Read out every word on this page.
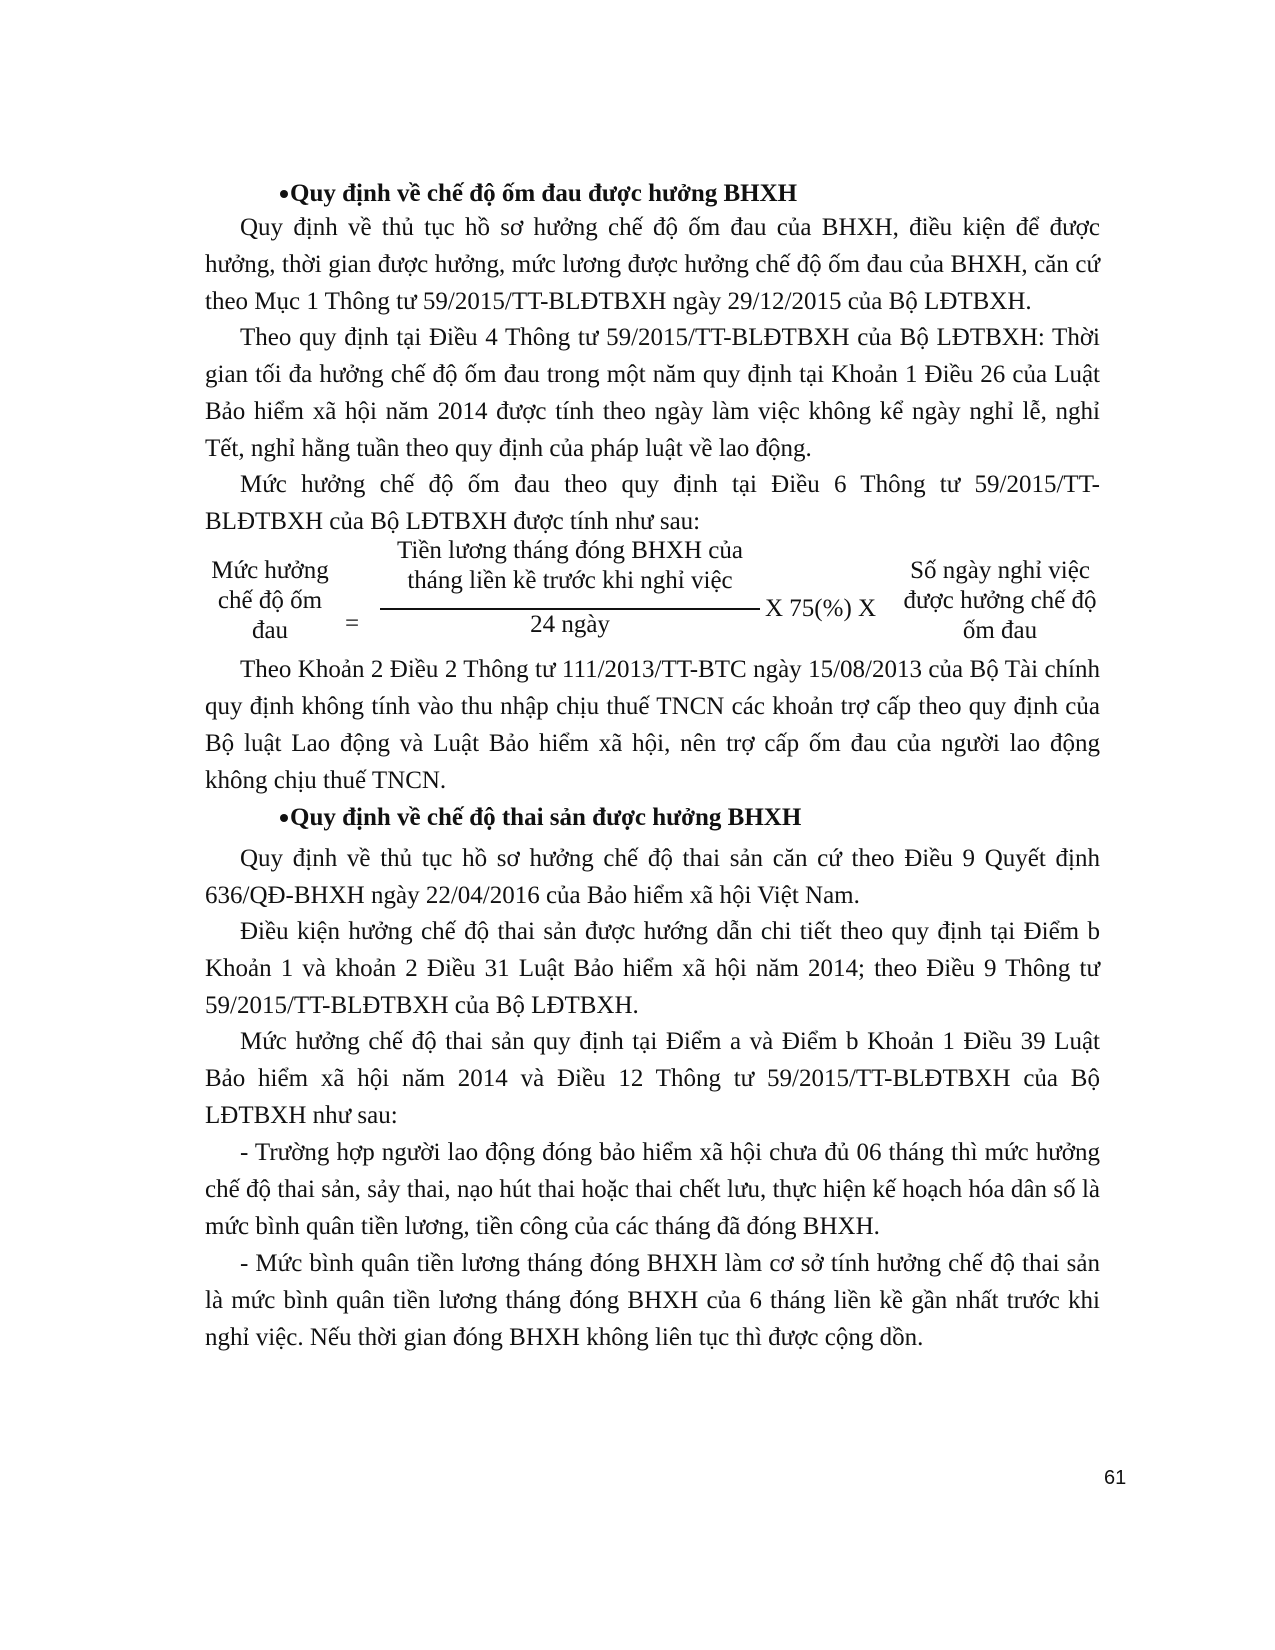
Quy định về chế độ ốm đau được hưởng BHXH

Quy định về thủ tục hồ sơ hưởng chế độ ốm đau của BHXH, điều kiện để được hưởng, thời gian được hưởng, mức lương được hưởng chế độ ốm đau của BHXH, căn cứ theo Mục 1 Thông tư 59/2015/TT-BLĐTBXH ngày 29/12/2015 của Bộ LĐTBXH.

Theo quy định tại Điều 4 Thông tư 59/2015/TT-BLĐTBXH của Bộ LĐTBXH: Thời gian tối đa hưởng chế độ ốm đau trong một năm quy định tại Khoản 1 Điều 26 của Luật Bảo hiểm xã hội năm 2014 được tính theo ngày làm việc không kể ngày nghỉ lễ, nghỉ Tết, nghỉ hằng tuần theo quy định của pháp luật về lao động.

Mức hưởng chế độ ốm đau theo quy định tại Điều 6 Thông tư 59/2015/TT-BLĐTBXH của Bộ LĐTBXH được tính như sau:

Mức hưởng chế độ ốm đau	=
Tiền lương tháng đóng BHXH của tháng liền kề trước khi nghỉ việc
24 ngày
X 75(%) X
Số ngày nghỉ việc được hưởng chế độ ốm đau

Theo Khoản 2 Điều 2 Thông tư 111/2013/TT-BTC ngày 15/08/2013 của Bộ Tài chính quy định không tính vào thu nhập chịu thuế TNCN các khoản trợ cấp theo quy định của Bộ luật Lao động và Luật Bảo hiểm xã hội, nên trợ cấp ốm đau của người lao động không chịu thuế TNCN.

Quy định về chế độ thai sản được hưởng BHXH

Quy định về thủ tục hồ sơ hưởng chế độ thai sản căn cứ theo Điều 9 Quyết định 636/QĐ-BHXH ngày 22/04/2016 của Bảo hiểm xã hội Việt Nam.

Điều kiện hưởng chế độ thai sản được hướng dẫn chi tiết theo quy định tại Điểm b Khoản 1 và khoản 2 Điều 31 Luật Bảo hiểm xã hội năm 2014; theo Điều 9 Thông tư 59/2015/TT-BLĐTBXH của Bộ LĐTBXH.

Mức hưởng chế độ thai sản quy định tại Điểm a và Điểm b Khoản 1 Điều 39 Luật Bảo hiểm xã hội năm 2014 và Điều 12 Thông tư 59/2015/TT-BLĐTBXH của Bộ LĐTBXH như sau:

- Trường hợp người lao động đóng bảo hiểm xã hội chưa đủ 06 tháng thì mức hưởng chế độ thai sản, sảy thai, nạo hút thai hoặc thai chết lưu, thực hiện kế hoạch hóa dân số là mức bình quân tiền lương, tiền công của các tháng đã đóng BHXH.

- Mức bình quân tiền lương tháng đóng BHXH làm cơ sở tính hưởng chế độ thai sản là mức bình quân tiền lương tháng đóng BHXH của 6 tháng liền kề gần nhất trước khi nghỉ việc. Nếu thời gian đóng BHXH không liên tục thì được cộng dồn.

61
